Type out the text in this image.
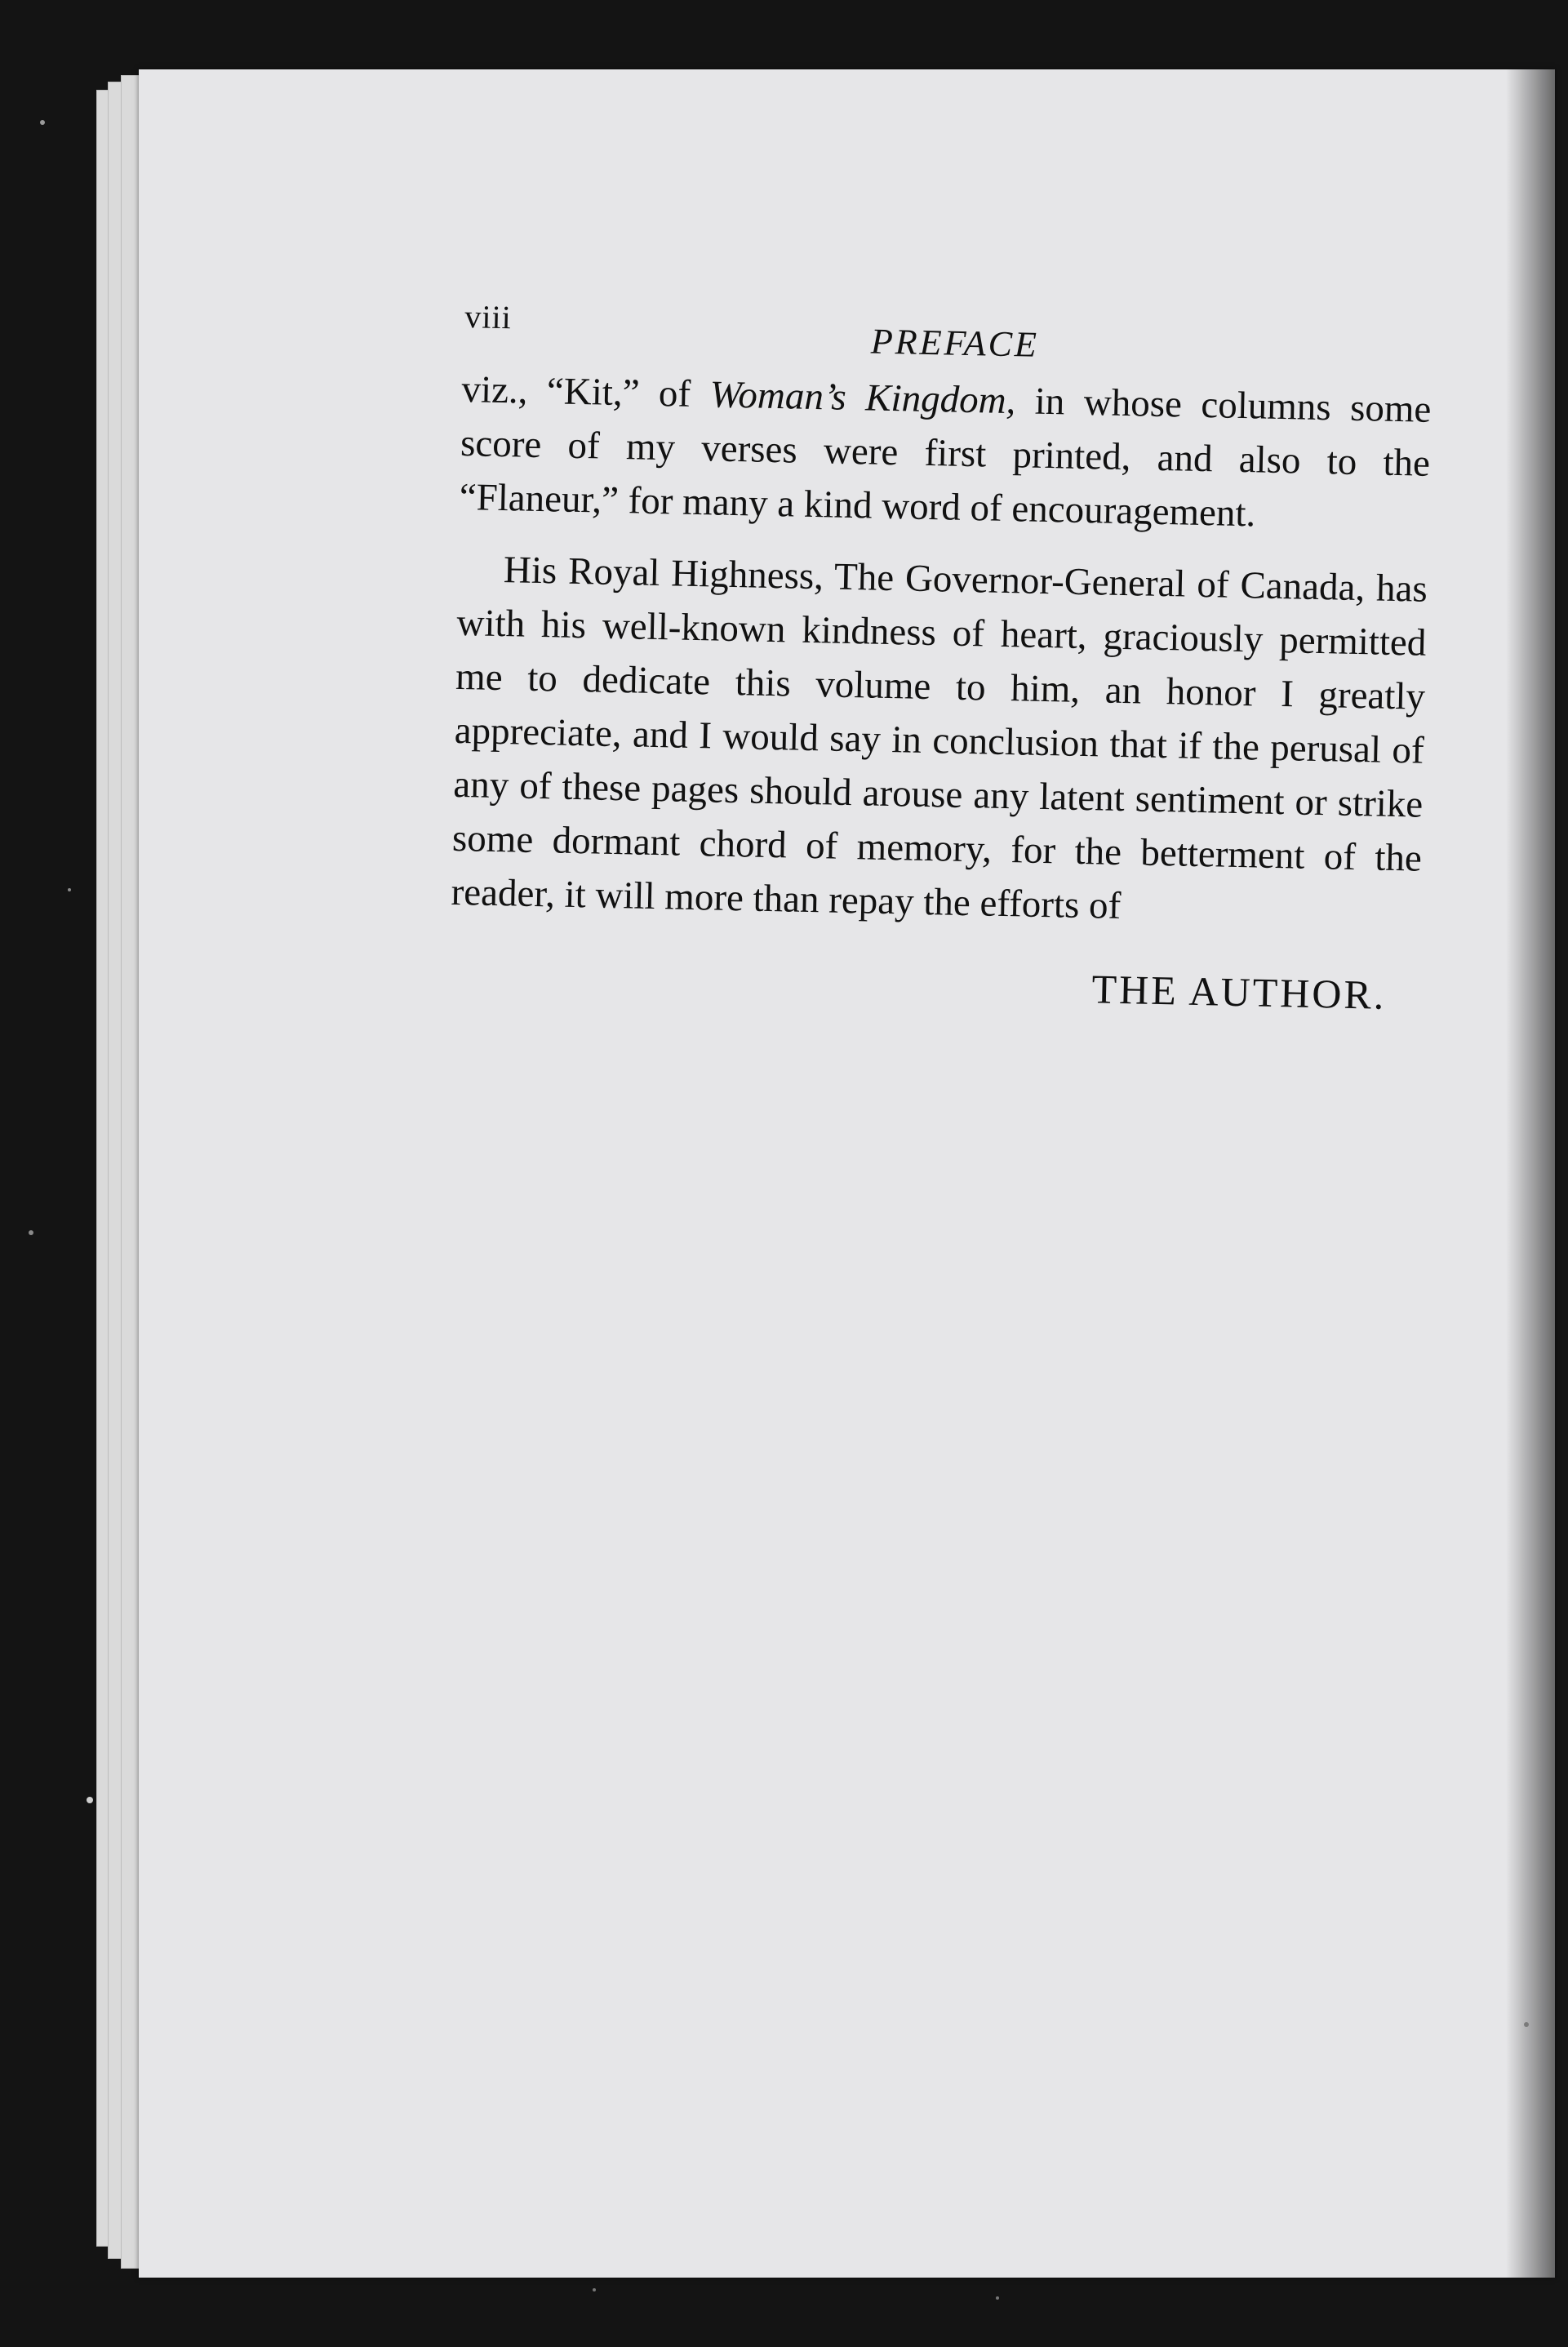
viii
PREFACE

viz., “Kit,” of Woman’s Kingdom, in whose columns some score of my verses were first printed, and also to the “Flaneur,” for many a kind word of encouragement.

His Royal Highness, The Governor-General of Canada, has with his well-known kindness of heart, graciously permitted me to dedicate this volume to him, an honor I greatly appreciate, and I would say in conclusion that if the perusal of any of these pages should arouse any latent sentiment or strike some dormant chord of memory, for the betterment of the reader, it will more than repay the efforts of

THE AUTHOR.
